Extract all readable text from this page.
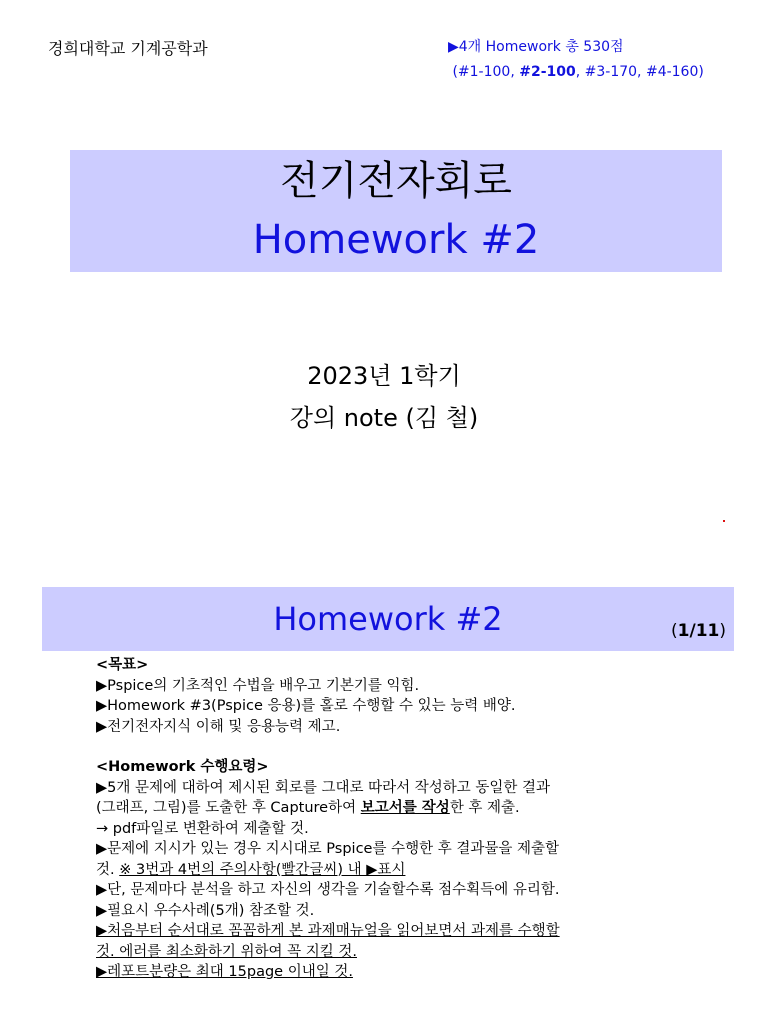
경희대학교 기계공학과	▶4개 Homework 총 530점
(#1-100, #2-100, #3-170, #4-160)
전기전자회로
Homework #2
2023년 1학기
강의 note (김 철)
Homework #2	(1/11)
<목표>
▶Pspice의 기초적인 수법을 배우고 기본기를 익힘.
▶Homework #3(Pspice 응용)를 홀로 수행할 수 있는 능력 배양.
▶전기전자지식 이해 및 응용능력 제고.
<Homework 수행요령>
▶5개 문제에 대하여 제시된 회로를 그대로 따라서 작성하고 동일한 결과
(그래프, 그림)를 도출한 후 Capture하여 보고서를 작성한 후 제출.
→ pdf파일로 변환하여 제출할 것.
▶문제에 지시가 있는 경우 지시대로 Pspice를 수행한 후 결과물을 제출할
것. ※ 3번과 4번의 주의사항(빨간글씨) 내 ▶표시
▶단, 문제마다 분석을 하고 자신의 생각을 기술할수록 점수획득에 유리함.
▶필요시 우수사례(5개) 참조할 것.
▶처음부터 순서대로 꼼꼼하게 본 과제매뉴얼을 읽어보면서 과제를 수행할
것. 에러를 최소화하기 위하여 꼭 지킬 것.
▶레포트분량은 최대 15page 이내일 것.
